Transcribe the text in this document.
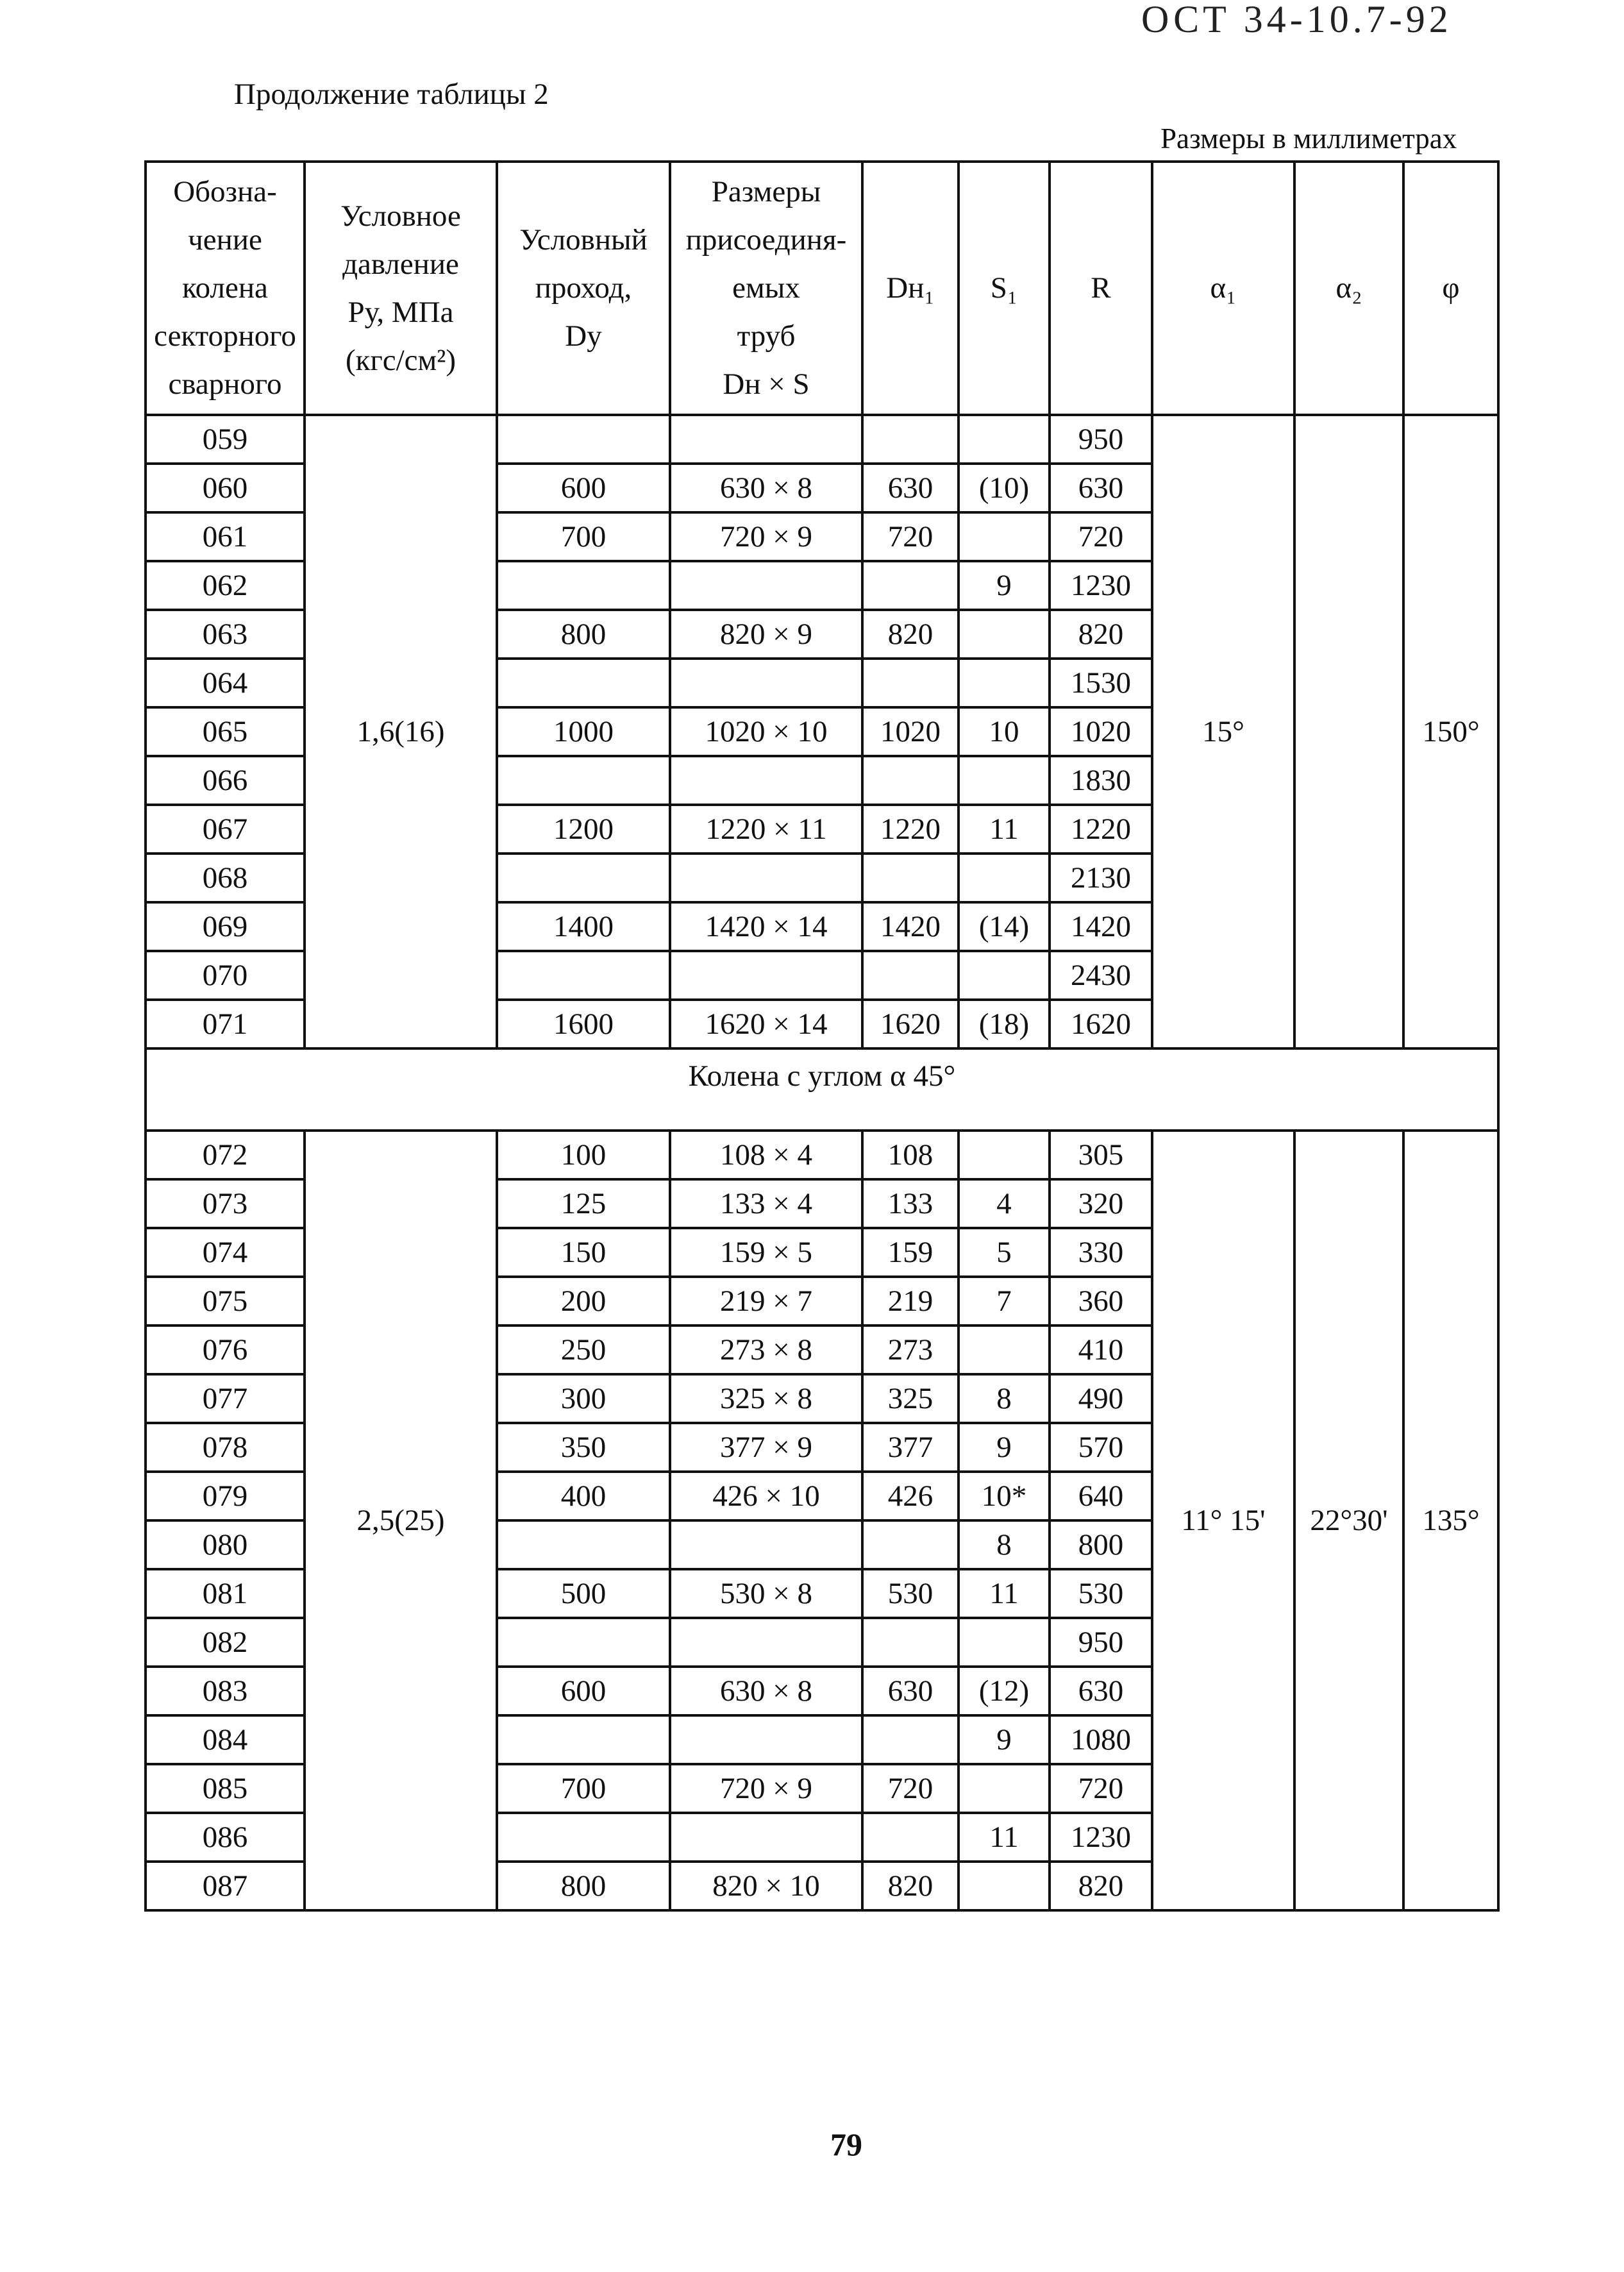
ОСТ 34-10.7-92
Продолжение таблицы 2
Размеры в миллиметрах
Обозна-
чение
колена
секторного
сварного	Условное
давление
Ру, МПа
(кгс/см²)	Условный
проход,
Dу	Размеры
присоединя-
емых
труб
Dн × S	Dн₁	S₁	R	α₁	α₂	φ
059	1,6(16)					950	15°		150°
060		600	630 × 8	630	(10)	630			
061		700	720 × 9	720		720			
062					9	1230			
063		800	820 × 9	820		820			
064						1530			
065		1000	1020 × 10	1020	10	1020			
066						1830			
067		1200	1220 × 11	1220	11	1220			
068						2130			
069		1400	1420 × 14	1420	(14)	1420			
070						2430			
071		1600	1620 × 14	1620	(18)	1620			
Колена с углом α 45°									
072	2,5(25)	100	108 × 4	108		305	11° 15'	22°30'	135°
073		125	133 × 4	133	4	320			
074		150	159 × 5	159	5	330			
075		200	219 × 7	219	7	360			
076		250	273 × 8	273		410			
077		300	325 × 8	325	8	490			
078		350	377 × 9	377	9	570			
079		400	426 × 10	426	10*	640			
080					8	800			
081		500	530 × 8	530	11	530			
082						950			
083		600	630 × 8	630	(12)	630			
084					9	1080			
085		700	720 × 9	720		720			
086					11	1230			
087		800	820 × 10	820		820			
79
